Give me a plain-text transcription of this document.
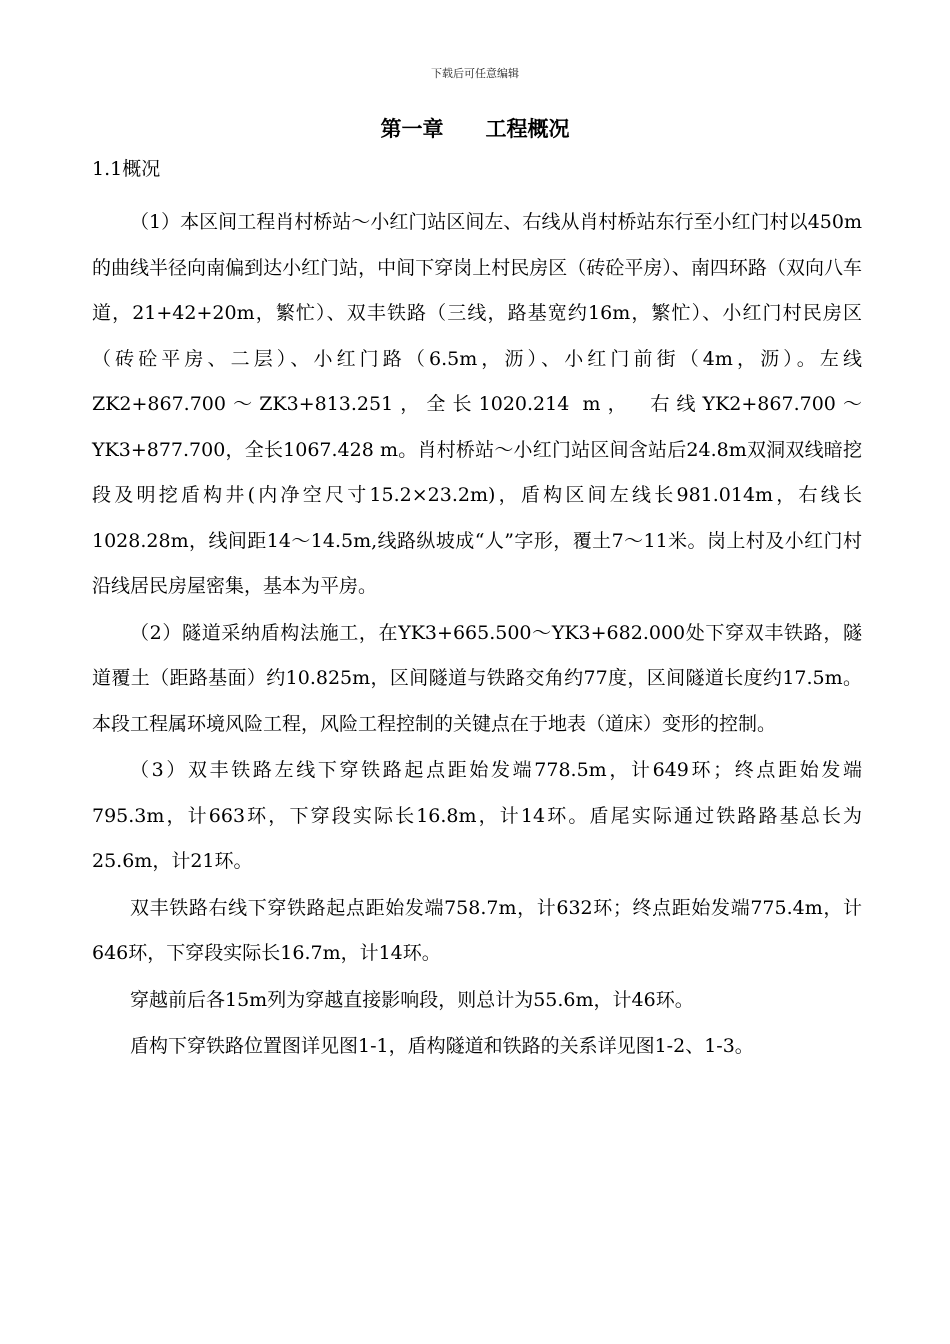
下载后可任意编辑
第一章　　工程概况
1.1概况

（1）本区间工程肖村桥站～小红门站区间左、右线从肖村桥站东行至小红门村以450m的曲线半径向南偏到达小红门站，中间下穿岗上村民房区（砖砼平房）、南四环路（双向八车道，21+42+20m，繁忙）、双丰铁路（三线，路基宽约16m，繁忙）、小红门村民房区（砖砼平房、二层）、小红门路（6.5m，沥）、小红门前街（4m，沥）。左线ZK2+867.700～ZK3+813.251，全长1020.214 m，　右线YK2+867.700～YK3+877.700，全长1067.428 m。肖村桥站～小红门站区间含站后24.8m双洞双线暗挖段及明挖盾构井(内净空尺寸15.2×23.2m)，盾构区间左线长981.014m，右线长1028.28m，线间距14～14.5m,线路纵坡成“人”字形，覆土7～11米。岗上村及小红门村沿线居民房屋密集，基本为平房。

（2）隧道采纳盾构法施工，在YK3+665.500～YK3+682.000处下穿双丰铁路，隧道覆土（距路基面）约10.825m，区间隧道与铁路交角约77度，区间隧道长度约17.5m。本段工程属环境风险工程，风险工程控制的关键点在于地表（道床）变形的控制。

（3）双丰铁路左线下穿铁路起点距始发端778.5m，计649环；终点距始发端795.3m，计663环，下穿段实际长16.8m，计14环。盾尾实际通过铁路路基总长为25.6m，计21环。

双丰铁路右线下穿铁路起点距始发端758.7m，计632环；终点距始发端775.4m，计646环，下穿段实际长16.7m，计14环。

穿越前后各15m列为穿越直接影响段，则总计为55.6m，计46环。

盾构下穿铁路位置图详见图1-1，盾构隧道和铁路的关系详见图1-2、1-3。
